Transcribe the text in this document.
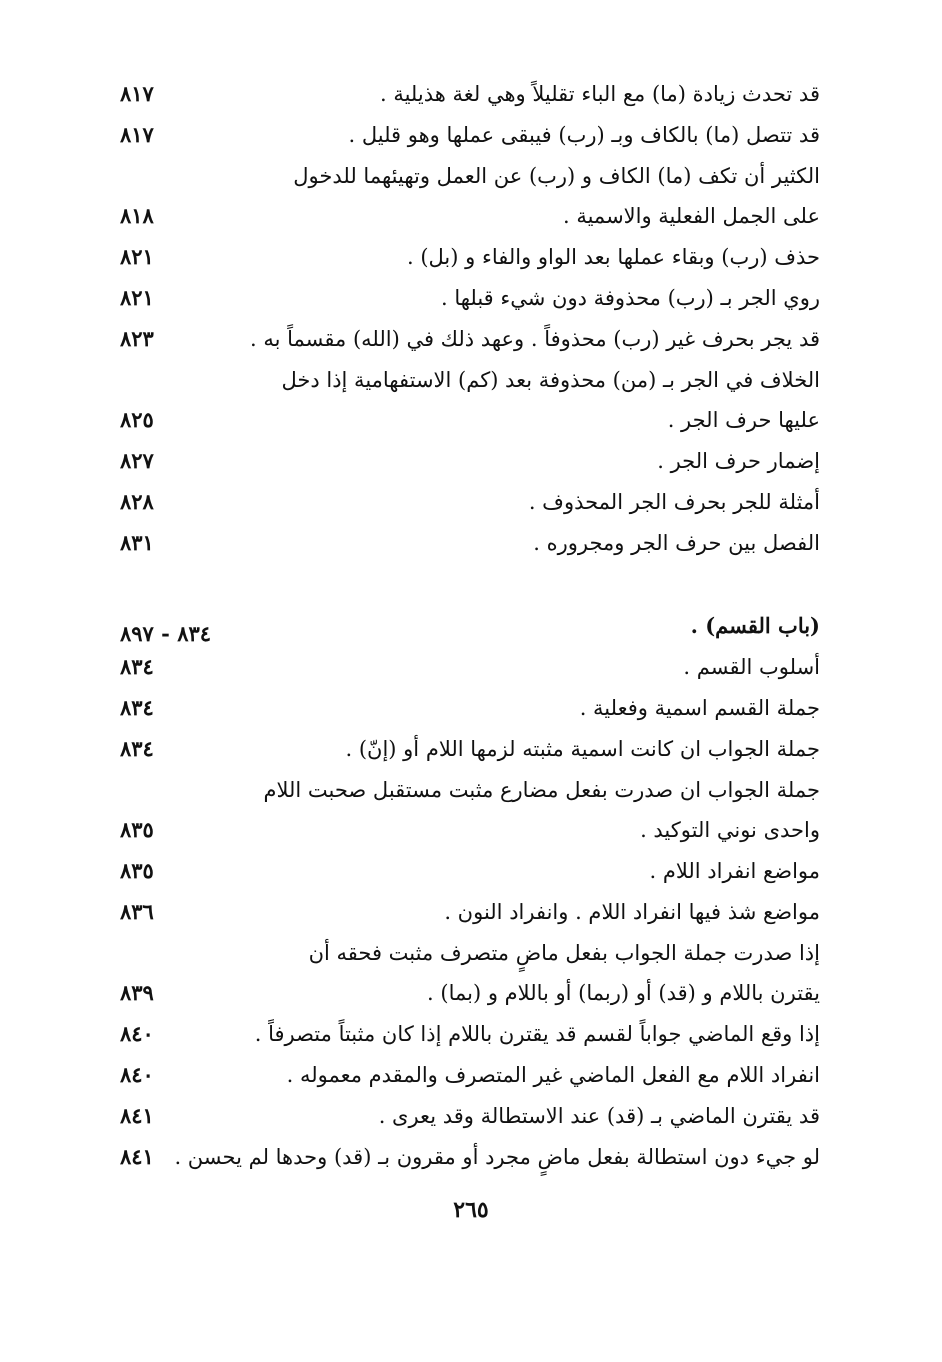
قد تحدث زيادة (ما) مع الباء تقليلاً وهي لغة هذيلية .
٨١٧
قد تتصل (ما) بالكاف وبـ (رب) فيبقى عملها وهو قليل .
٨١٧
الكثير أن تكف (ما) الكاف و (رب) عن العمل وتهيئهما للدخول
على الجمل الفعلية والاسمية .
٨١٨
حذف (رب) وبقاء عملها بعد الواو والفاء و (بل) .
٨٢١
روي الجر بـ (رب) محذوفة دون شيء قبلها .
٨٢١
قد يجر بحرف غير (رب) محذوفاً . وعهد ذلك في (الله) مقسماً به .
٨٢٣
الخلاف في الجر بـ (من) محذوفة بعد (كم) الاستفهامية إذا دخل
عليها حرف الجر .
٨٢٥
إضمار حرف الجر .
٨٢٧
أمثلة للجر بحرف الجر المحذوف .
٨٢٨
الفصل بين حرف الجر ومجروره .
٨٣١
(باب القسم) .
٨٣٤ - ٨٩٧
أسلوب القسم .
٨٣٤
جملة القسم اسمية وفعلية .
٨٣٤
جملة الجواب ان كانت اسمية مثبته لزمها اللام أو (إنّ) .
٨٣٤
جملة الجواب ان صدرت بفعل مضارع مثبت مستقبل صحبت اللام
واحدى نوني التوكيد .
٨٣٥
مواضع انفراد اللام .
٨٣٥
مواضع شذ فيها انفراد اللام . وانفراد النون .
٨٣٦
إذا صدرت جملة الجواب بفعل ماضٍ متصرف مثبت فحقه أن
يقترن باللام و (قد) أو (ربما) أو باللام و (بما) .
٨٣٩
إذا وقع الماضي جواباً لقسم قد يقترن باللام إذا كان مثبتاً متصرفاً .
٨٤٠
انفراد اللام مع الفعل الماضي غير المتصرف والمقدم معموله .
٨٤٠
قد يقترن الماضي بـ (قد) عند الاستطالة وقد يعرى .
٨٤١
لو جيء دون استطالة بفعل ماضٍ مجرد أو مقرون بـ (قد) وحدها لم يحسن .
٨٤١
٢٦٥
